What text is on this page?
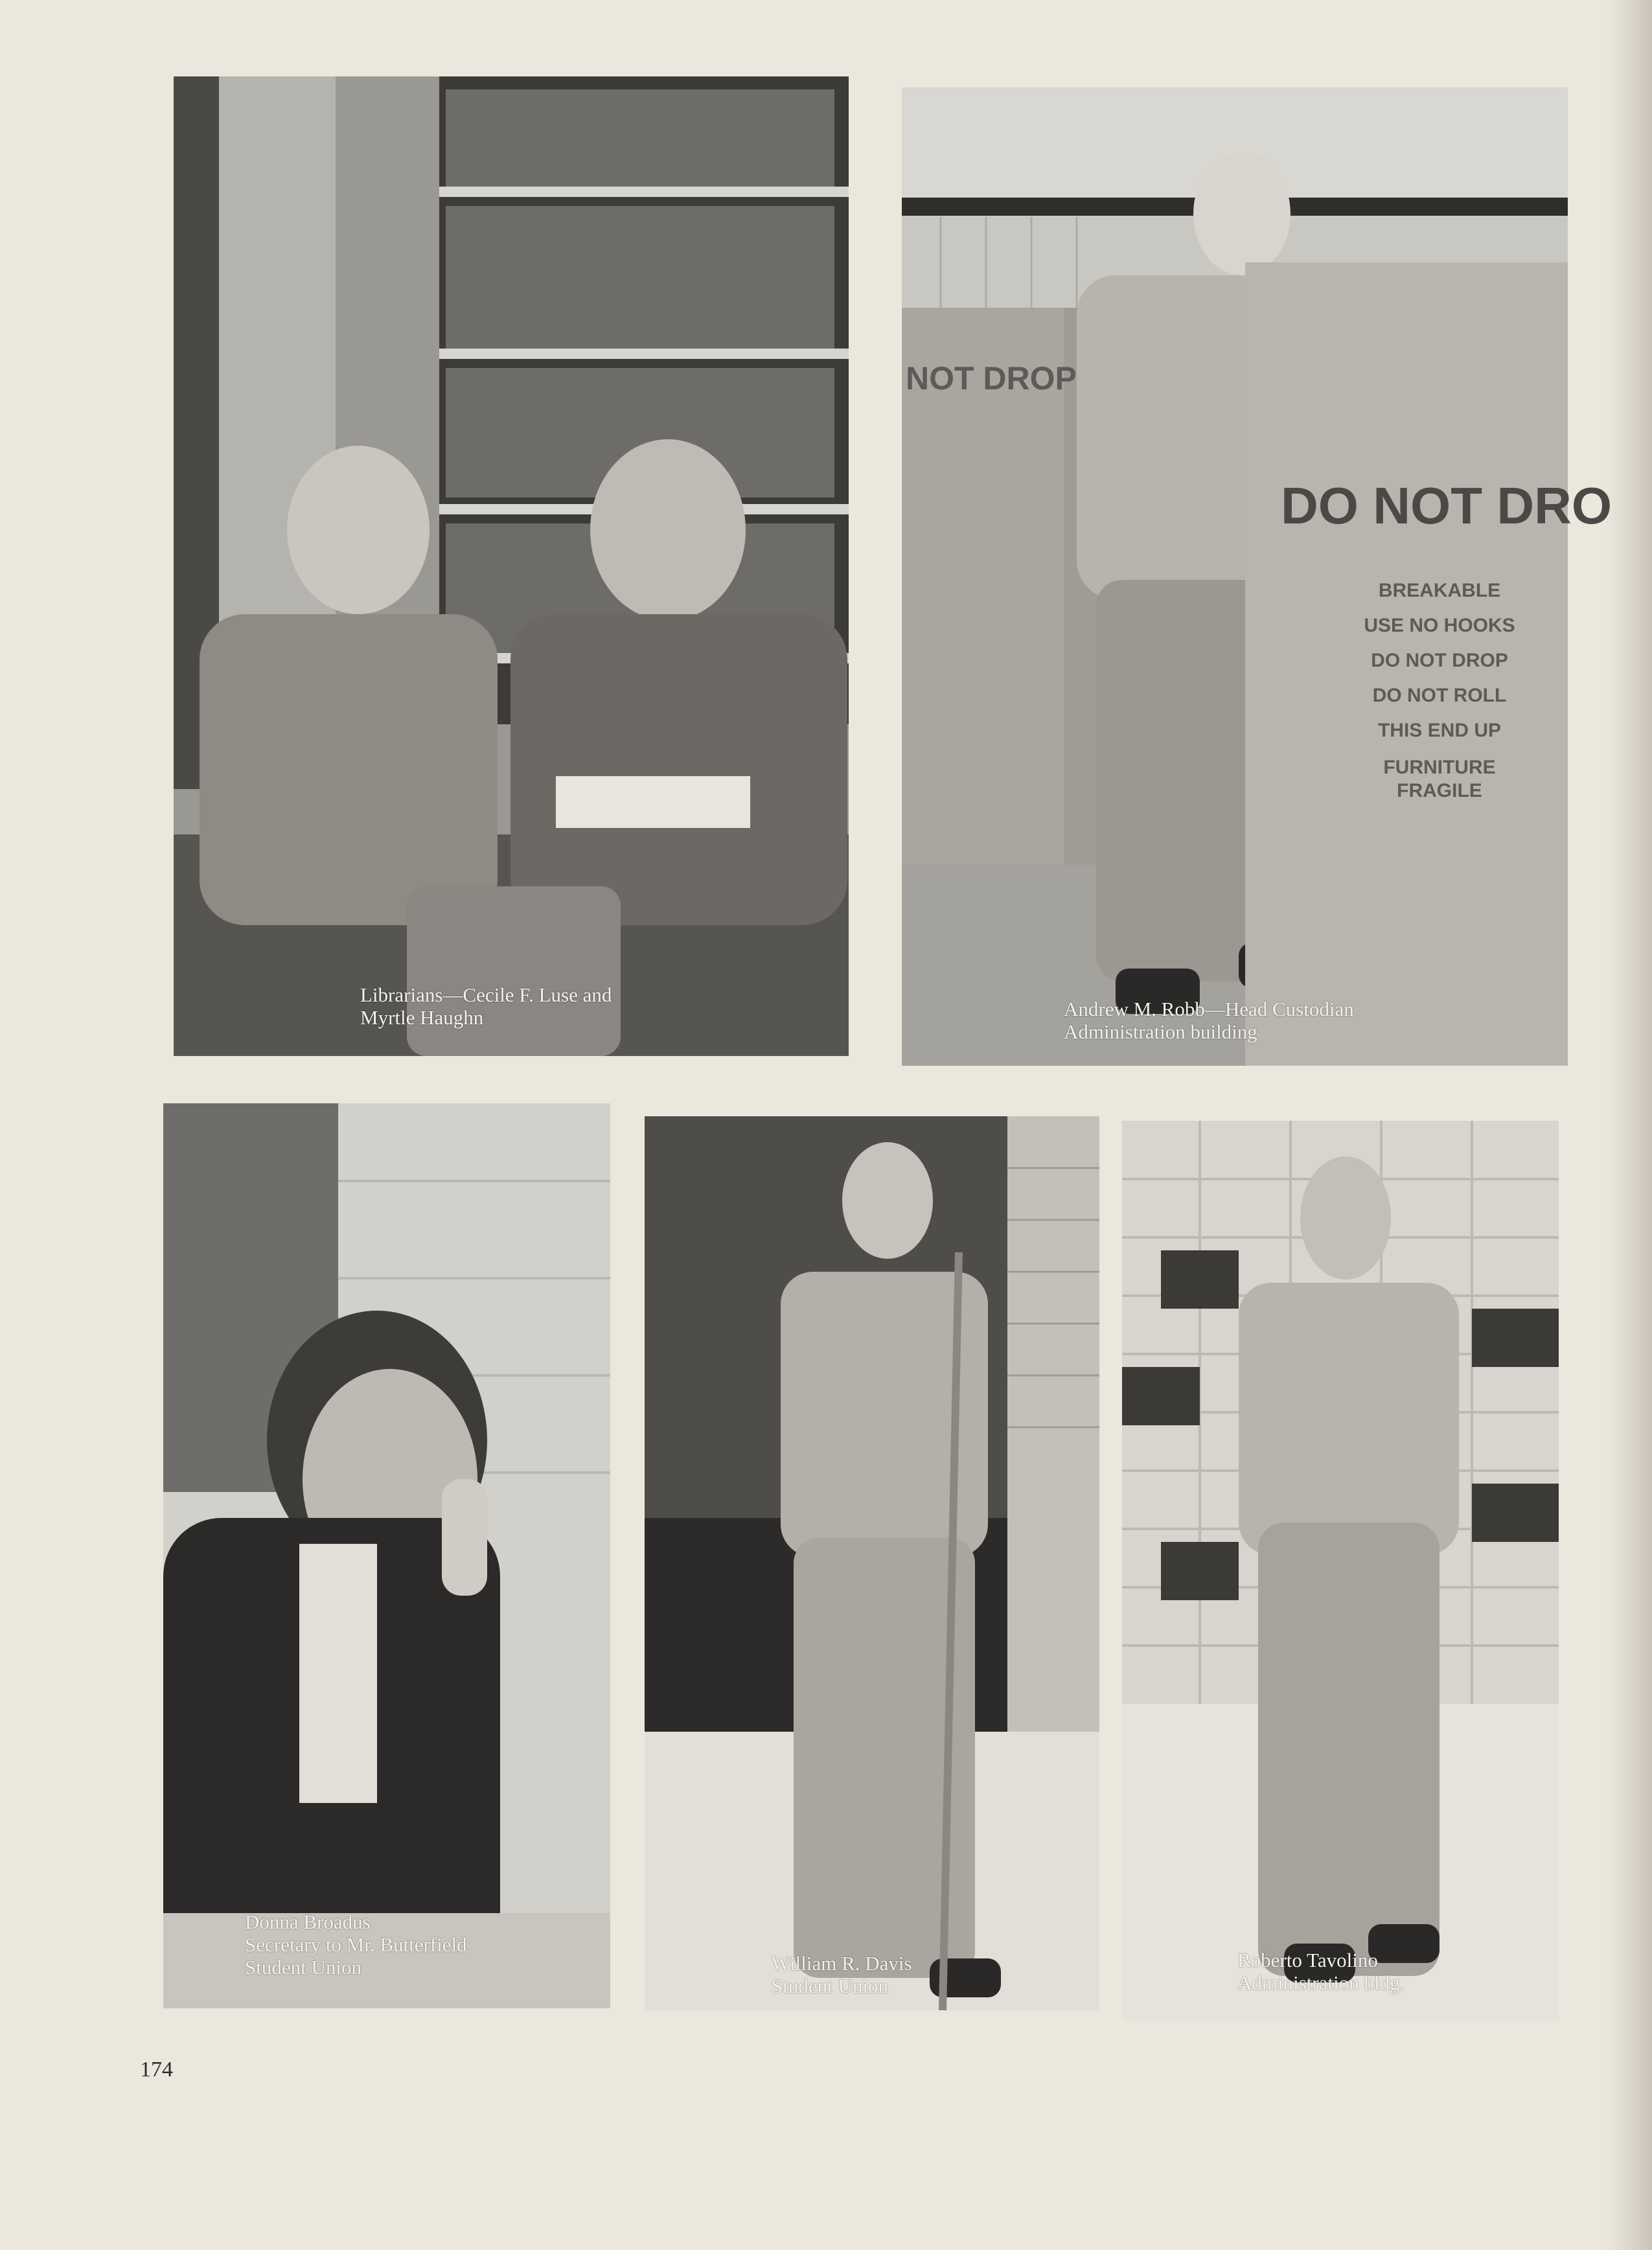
Librarians—Cecile F. Luse and
Myrtle Haughn
NOT DROP
DO NOT DRO
BREAKABLE
USE NO HOOKS
DO NOT DROP
DO NOT ROLL
THIS END UP
FURNITURE
FRAGILE
Andrew M. Robb—Head Custodian
Administration building
Donna Broadus
Secretary to Mr. Butterfield
Student Union	William R. Davis
Student Union
Roberto Tavolino
Administration bldg.
174
